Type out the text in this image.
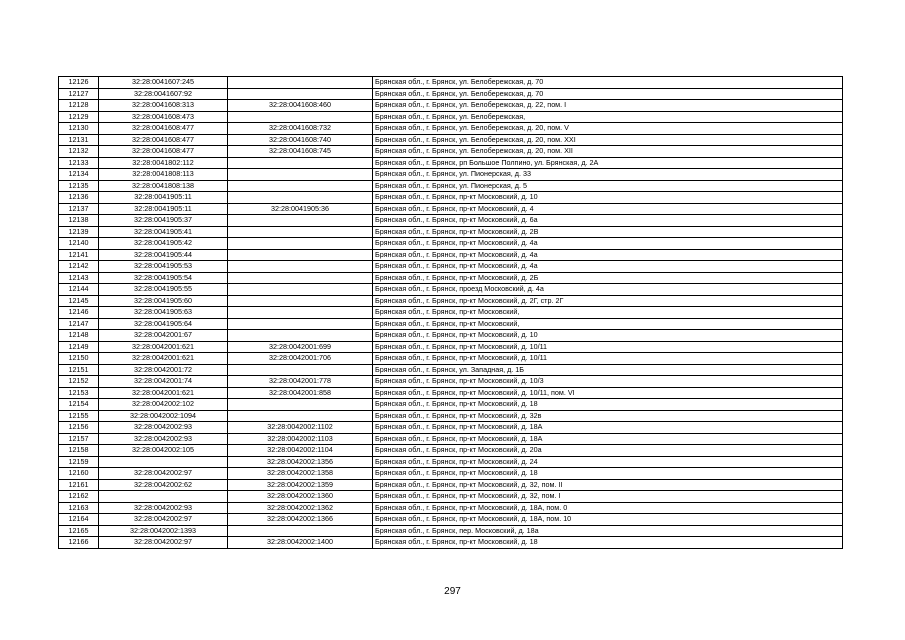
12126	32:28:0041607:245		Брянская обл., г. Брянск, ул. Белобережская, д. 70
12127	32:28:0041607:92		Брянская обл., г. Брянск, ул. Белобережская, д. 70
12128	32:28:0041608:313	32:28:0041608:460	Брянская обл., г. Брянск, ул. Белобережская, д. 22, пом. I
12129	32:28:0041608:473		Брянская обл., г. Брянск, ул. Белобережская,
12130	32:28:0041608:477	32:28:0041608:732	Брянская обл., г. Брянск, ул. Белобережская, д. 20, пом. V
12131	32:28:0041608:477	32:28:0041608:740	Брянская обл., г. Брянск, ул. Белобережская, д. 20, пом. XXI
12132	32:28:0041608:477	32:28:0041608:745	Брянская обл., г. Брянск, ул. Белобережская, д. 20, пом. XII
12133	32:28:0041802:112		Брянская обл., г. Брянск, рп Большое Полпино, ул. Брянская, д. 2А
12134	32:28:0041808:113		Брянская обл., г. Брянск, ул. Пионерская, д. 33
12135	32:28:0041808:138		Брянская обл., г. Брянск, ул. Пионерская, д. 5
12136	32:28:0041905:11		Брянская обл., г. Брянск, пр-кт Московский, д. 10
12137	32:28:0041905:11	32:28:0041905:36	Брянская обл., г. Брянск, пр-кт Московский, д. 4
12138	32:28:0041905:37		Брянская обл., г. Брянск, пр-кт Московский, д. 6а
12139	32:28:0041905:41		Брянская обл., г. Брянск, пр-кт Московский, д. 2В
12140	32:28:0041905:42		Брянская обл., г. Брянск, пр-кт Московский, д. 4а
12141	32:28:0041905:44		Брянская обл., г. Брянск, пр-кт Московский, д. 4а
12142	32:28:0041905:53		Брянская обл., г. Брянск, пр-кт Московский, д. 4а
12143	32:28:0041905:54		Брянская обл., г. Брянск, пр-кт Московский, д. 2Б
12144	32:28:0041905:55		Брянская обл., г. Брянск, проезд Московский, д. 4а
12145	32:28:0041905:60		Брянская обл., г. Брянск, пр-кт Московский, д. 2Г, стр. 2Г
12146	32:28:0041905:63		Брянская обл., г. Брянск, пр-кт Московский,
12147	32:28:0041905:64		Брянская обл., г. Брянск, пр-кт Московский,
12148	32:28:0042001:67		Брянская обл., г. Брянск, пр-кт Московский, д. 10
12149	32:28:0042001:621	32:28:0042001:699	Брянская обл., г. Брянск, пр-кт Московский, д. 10/11
12150	32:28:0042001:621	32:28:0042001:706	Брянская обл., г. Брянск, пр-кт Московский, д. 10/11
12151	32:28:0042001:72		Брянская обл., г. Брянск, ул. Западная, д. 1Б
12152	32:28:0042001:74	32:28:0042001:778	Брянская обл., г. Брянск, пр-кт Московский, д. 10/3
12153	32:28:0042001:621	32:28:0042001:858	Брянская обл., г. Брянск, пр-кт Московский, д. 10/11, пом. VI
12154	32:28:0042002:102		Брянская обл., г. Брянск, пр-кт Московский, д. 18
12155	32:28:0042002:1094		Брянская обл., г. Брянск, пр-кт Московский, д. 32в
12156	32:28:0042002:93	32:28:0042002:1102	Брянская обл., г. Брянск, пр-кт Московский, д. 18А
12157	32:28:0042002:93	32:28:0042002:1103	Брянская обл., г. Брянск, пр-кт Московский, д. 18А
12158	32:28:0042002:105	32:28:0042002:1104	Брянская обл., г. Брянск, пр-кт Московский, д. 20а
12159		32:28:0042002:1356	Брянская обл., г. Брянск, пр-кт Московский, д. 24
12160	32:28:0042002:97	32:28:0042002:1358	Брянская обл., г. Брянск, пр-кт Московский, д. 18
12161	32:28:0042002:62	32:28:0042002:1359	Брянская обл., г. Брянск, пр-кт Московский, д. 32, пом. II
12162		32:28:0042002:1360	Брянская обл., г. Брянск, пр-кт Московский, д. 32, пом. I
12163	32:28:0042002:93	32:28:0042002:1362	Брянская обл., г. Брянск, пр-кт Московский, д. 18А, пом. 0
12164	32:28:0042002:97	32:28:0042002:1366	Брянская обл., г. Брянск, пр-кт Московский, д. 18А, пом. 10
12165	32:28:0042002:1393		Брянская обл., г. Брянск, пер. Московский, д. 18а
12166	32:28:0042002:97	32:28:0042002:1400	Брянская обл., г. Брянск, пр-кт Московский, д. 18
297
